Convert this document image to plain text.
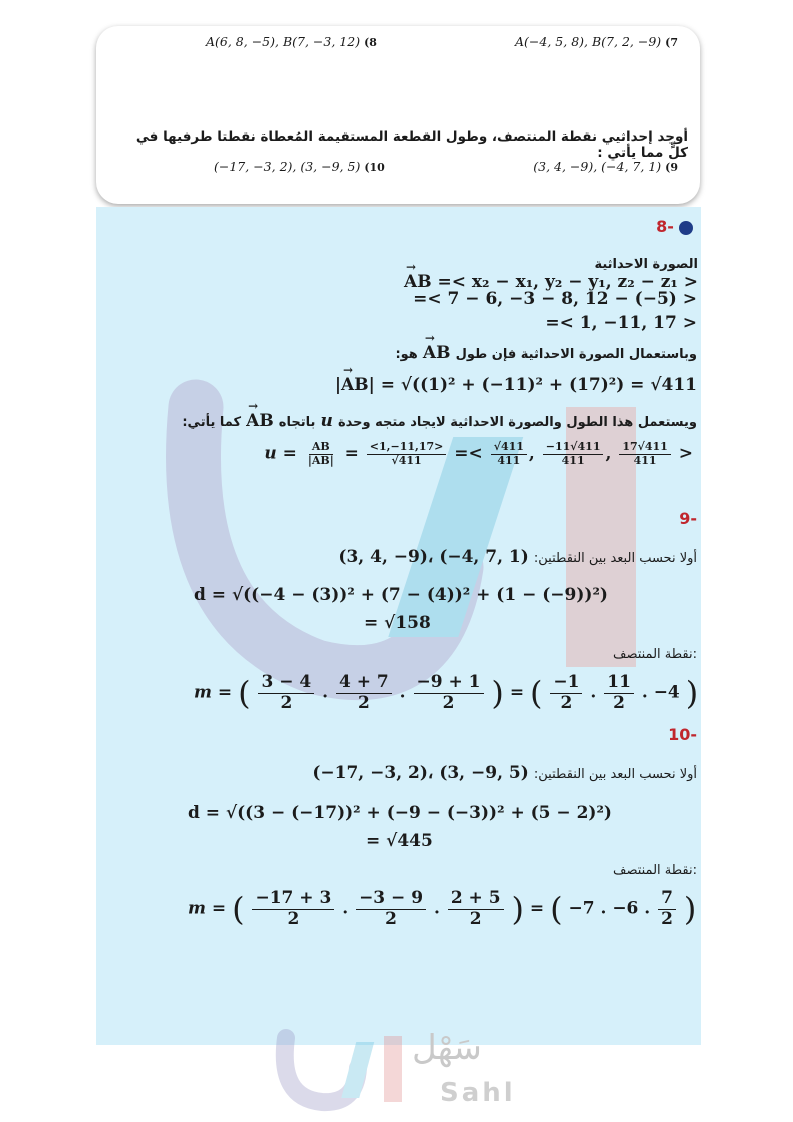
A(−4, 5, 8), B(7, 2, −9) (7
A(6, 8, −5), B(7, −3, 12) (8
أوجد إحداثيي نقطة المنتصف، وطول القطعة المستقيمة المُعطاة نقطتا طرفيها في كلٍّ مما يأتي :
(3, 4, −9), (−4, 7, 1) (9
(−17, −3, 2), (3, −9, 5) (10
8-
الصورة الاحداثية → AB =< x₂ − x₁, y₂ − y₁, z₂ − z₁ >
=< 7 − 6, −3 − 8, 12 − (−5) >
=< 1, −11, 17 >
وباستعمال الصورة الاحداثية فإن طول → AB هو:
|→ AB| = √((1)² + (−11)² + (17)²) = √411
ويستعمل هذا الطول والصورة الاحداثية لايجاد متجه وحدة u باتجاه → AB كما يأتي:
$u = \frac{AB}{|AB|} = \frac{<1,-11,17>}{√411} =< \frac{√411}{411}$ , $\frac{-11√411}{411}$ , $\frac{17√411}{411}$ >
9-
أولا نحسب البعد بين النقطتين: (3, 4, −9)، (−4, 7, 1)
d = √((−4 − (3))² + (7 − (4))² + (1 − (−9))²)
= √158
نقطة المنتصف:
m = ( $\frac{3 - 4}{2}$ . $\frac{4 + 7}{2}$ . $\frac{-9 + 1}{2}$ ) = ( $\frac{-1}{2}$ . $\frac{11}{2}$ . −4 )
10-
أولا نحسب البعد بين النقطتين: (−17, −3, 2)، (3, −9, 5)
d = √((3 − (−17))² + (−9 − (−3))² + (5 − 2)²)
= √445
نقطة المنتصف:
m = ( $\frac{-17 + 3}{2}$ . $\frac{-3 - 9}{2}$ . $\frac{2 + 5}{2}$ ) = ( −7 . −6 . $\frac{7}{2}$ )
سَهْل
Sahl
